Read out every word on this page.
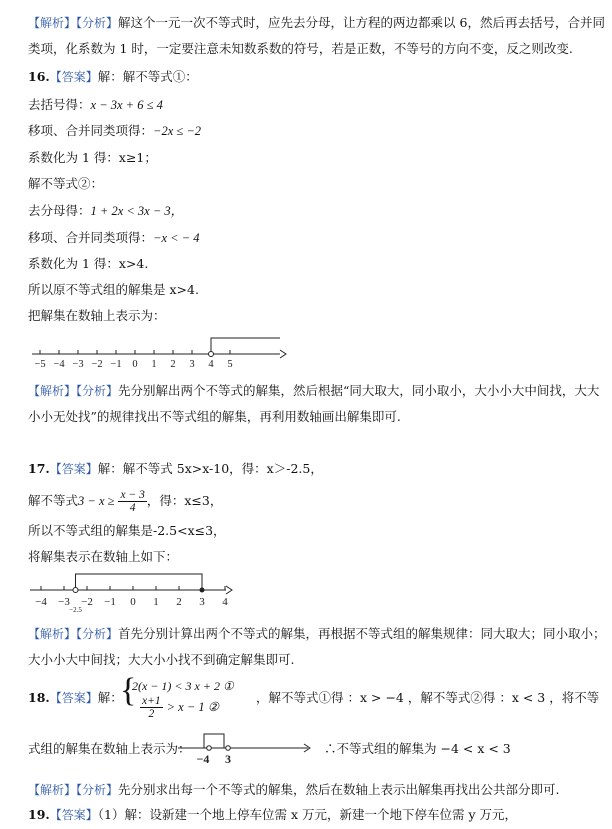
【解析】【分析】解这个一元一次不等式时，应先去分母，让方程的两边都乘以 6，然后再去括号，合并同
类项，化系数为 1 时，一定要注意未知数系数的符号，若是正数，不等号的方向不变，反之则改变.
16.【答案】解：解不等式①：
去括号得：x − 3x + 6 ≤ 4
移项、合并同类项得：−2x ≤ −2
系数化为 1 得：x≥1；
解不等式②：
去分母得：1 + 2x < 3x − 3，
移项、合并同类项得：−x < − 4
系数化为 1 得：x>4.
所以原不等式组的解集是 x>4.
把解集在数轴上表示为：
−5 −4 −3 −2 −1 0 1 2 3 4 5
【解析】【分析】先分别解出两个不等式的解集，然后根据“同大取大，同小取小，大小小大中间找，大大
小小无处找”的规律找出不等式组的解集，再利用数轴画出解集即可.
17.【答案】解：解不等式 5x>x-10，得：x＞-2.5，
解不等式$3 - x \ge \frac{x - 3}{4}$ ，得：x≤3，
所以不等式组的解集是-2.5<x≤3，
将解集表示在数轴上如下：
−4 −3 −2 −1 0 1 2 3 4
−2.5
【解析】【分析】首先分别计算出两个不等式的解集，再根据不等式组的解集规律：同大取大；同小取小；
大小小大中间找；大大小小找不到确定解集即可.
18.【答案】解：
{
2(x − 1) < 3 x + 2 ①
$\frac{x+1}{2} > x - 1$ ②
，解不等式①得 ：x > −4 ，解不等式②得 ：x < 3 ，将不等
式组的解集在数轴上表示为：
−4 3
∴不等式组的解集为 −4 < x < 3
【解析】【分析】先分别求出每一个不等式的解集，然后在数轴上表示出解集再找出公共部分即可.
19.【答案】（1）解：设新建一个地上停车位需 x 万元，新建一个地下停车位需 y 万元，
